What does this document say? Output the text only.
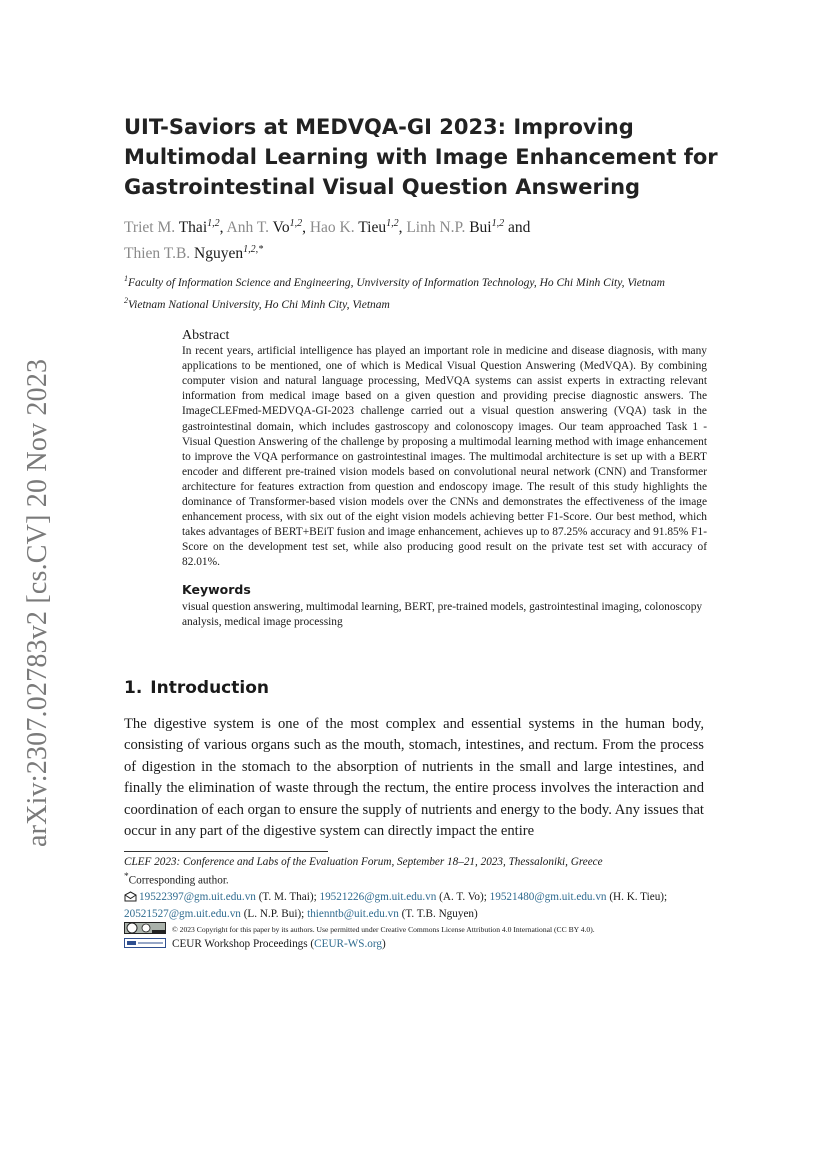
arXiv:2307.02783v2 [cs.CV] 20 Nov 2023
UIT-Saviors at MEDVQA-GI 2023: Improving Multimodal Learning with Image Enhancement for Gastrointestinal Visual Question Answering
Triet M. Thai$^{1,2}$, Anh T. Vo$^{1,2}$, Hao K. Tieu$^{1,2}$, Linh N.P. Bui$^{1,2}$ and
Thien T.B. Nguyen$^{1,2,*}$
$^1$Faculty of Information Science and Engineering, Unviversity of Information Technology, Ho Chi Minh City, Vietnam
$^2$Vietnam National University, Ho Chi Minh City, Vietnam
Abstract
In recent years, artificial intelligence has played an important role in medicine and disease diagnosis, with many applications to be mentioned, one of which is Medical Visual Question Answering (MedVQA). By combining computer vision and natural language processing, MedVQA systems can assist experts in extracting relevant information from medical image based on a given question and providing precise diagnostic answers. The ImageCLEFmed-MEDVQA-GI-2023 challenge carried out a visual question answering (VQA) task in the gastrointestinal domain, which includes gastroscopy and colonoscopy images. Our team approached Task 1 - Visual Question Answering of the challenge by proposing a multimodal learning method with image enhancement to improve the VQA performance on gastrointestinal images. The multimodal architecture is set up with a BERT encoder and different pre-trained vision models based on convolutional neural network (CNN) and Transformer architecture for features extraction from question and endoscopy image. The result of this study highlights the dominance of Transformer-based vision models over the CNNs and demonstrates the effectiveness of the image enhancement process, with six out of the eight vision models achieving better F1-Score. Our best method, which takes advantages of BERT+BEiT fusion and image enhancement, achieves up to 87.25% accuracy and 91.85% F1-Score on the development test set, while also producing good result on the private test set with accuracy of 82.01%.
Keywords
visual question answering, multimodal learning, BERT, pre-trained models, gastrointestinal imaging, colonoscopy analysis, medical image processing
1. Introduction
The digestive system is one of the most complex and essential systems in the human body, consisting of various organs such as the mouth, stomach, intestines, and rectum. From the process of digestion in the stomach to the absorption of nutrients in the small and large intestines, and finally the elimination of waste through the rectum, the entire process involves the interaction and coordination of each organ to ensure the supply of nutrients and energy to the body. Any issues that occur in any part of the digestive system can directly impact the entire
CLEF 2023: Conference and Labs of the Evaluation Forum, September 18–21, 2023, Thessaloniki, Greece
*Corresponding author.
19522397@gm.uit.edu.vn (T. M. Thai); 19521226@gm.uit.edu.vn (A. T. Vo); 19521480@gm.uit.edu.vn (H. K. Tieu);
20521527@gm.uit.edu.vn (L. N.P. Bui); thienntb@uit.edu.vn (T. T.B. Nguyen)
© 2023 Copyright for this paper by its authors. Use permitted under Creative Commons License Attribution 4.0 International (CC BY 4.0).
CEUR Workshop Proceedings (CEUR-WS.org)
